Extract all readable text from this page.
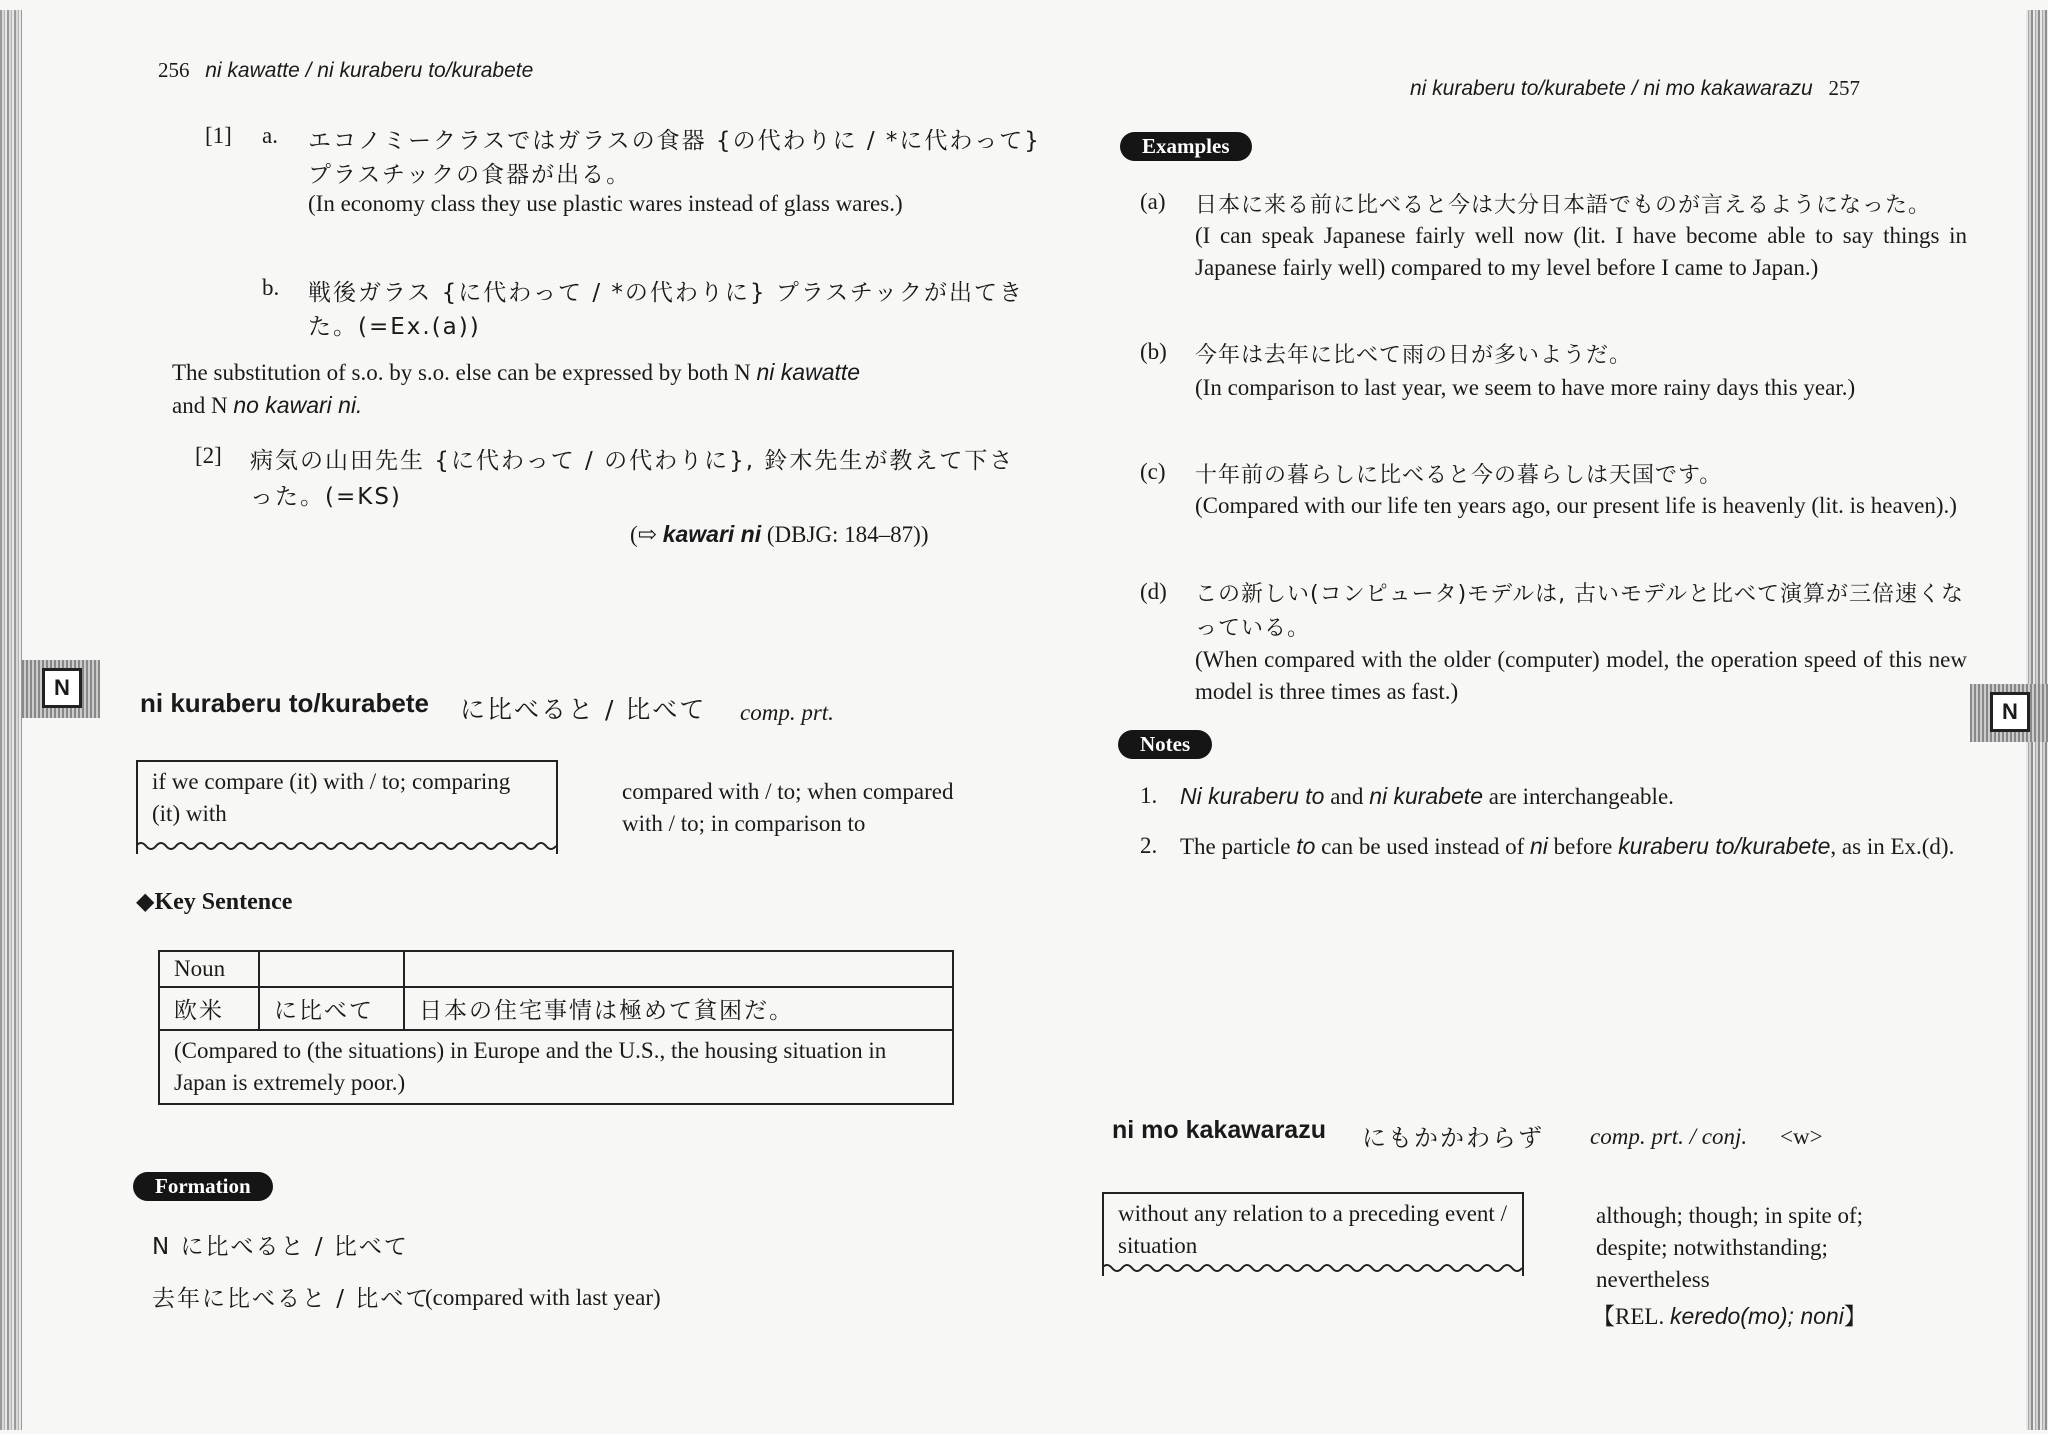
256 ni kawatte / ni kuraberu to/kurabete
[1] a. エコノミークラスではガラスの食器 {の代わりに / *に代わって}
プラスチックの食器が出る。
(In economy class they use plastic wares instead of glass wares.)
b. 戦後ガラス {に代わって / *の代わりに} プラスチックが出てき
た。(=Ex.(a))
The substitution of s.o. by s.o. else can be expressed by both N ni kawatte
and N no kawari ni.
[2] 病気の山田先生 {に代わって / の代わりに}, 鈴木先生が教えて下さ
った。(=KS)
(⇨ kawari ni (DBJG: 184–87))
N
ni kuraberu to/kurabete に比べると / 比べて comp. prt.
if we compare (it) with / to; comparing (it) with
compared with / to; when compared with / to; in comparison to
◆Key Sentence
Noun		
欧米	に比べて	日本の住宅事情は極めて貧困だ。
(Compared to (the situations) in Europe and the U.S., the housing situation in Japan is extremely poor.)		
Formation
N に比べると / 比べて
去年に比べると / 比べて
(compared with last year)
ni kuraberu to/kurabete / ni mo kakawarazu 257
Examples
(a) 日本に来る前に比べると今は大分日本語でものが言えるようになった。
(I can speak Japanese fairly well now (lit. I have become able to say things in Japanese fairly well) compared to my level before I came to Japan.)
(b) 今年は去年に比べて雨の日が多いようだ。
(In comparison to last year, we seem to have more rainy days this year.)
(c) 十年前の暮らしに比べると今の暮らしは天国です。
(Compared with our life ten years ago, our present life is heavenly (lit. is heaven).)
(d) この新しい(コンピュータ)モデルは, 古いモデルと比べて演算が三倍速くなっている。
(When compared with the older (computer) model, the operation speed of this new model is three times as fast.)
N
Notes
1. Ni kuraberu to and ni kurabete are interchangeable.
2. The particle to can be used instead of ni before kuraberu to/kurabete, as in Ex.(d).
ni mo kakawarazu にもかかわらず comp. prt. / conj. <w>
without any relation to a preceding event / situation
although; though; in spite of; despite; notwithstanding; nevertheless
【REL. keredo(mo); noni】
